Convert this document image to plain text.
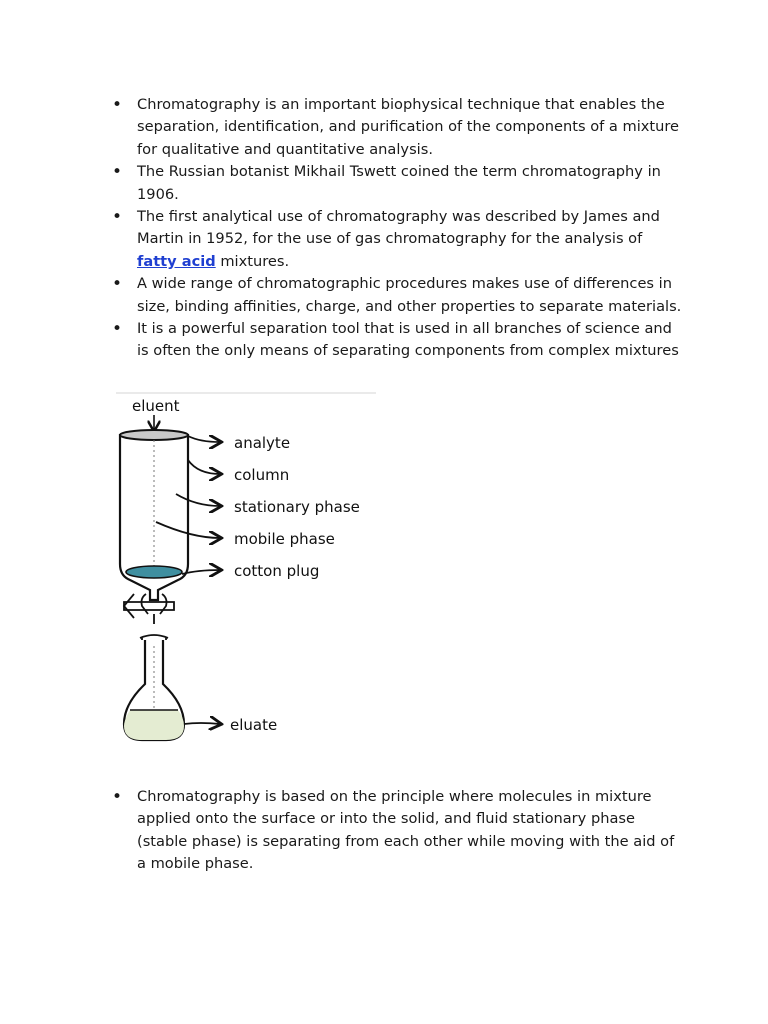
• Chromatography is an important biophysical technique that enables the separation, identification, and purification of the components of a mixture for qualitative and quantitative analysis.
• The Russian botanist Mikhail Tswett coined the term chromatography in 1906.
• The first analytical use of chromatography was described by James and Martin in 1952, for the use of gas chromatography for the analysis of fatty acid mixtures.
• A wide range of chromatographic procedures makes use of differences in size, binding affinities, charge, and other properties to separate materials.
• It is a powerful separation tool that is used in all branches of science and is often the only means of separating components from complex mixtures
eluent
analyte
column
stationary phase
mobile phase
cotton plug
eluate
• Chromatography is based on the principle where molecules in mixture applied onto the surface or into the solid, and fluid stationary phase (stable phase) is separating from each other while moving with the aid of a mobile phase.
